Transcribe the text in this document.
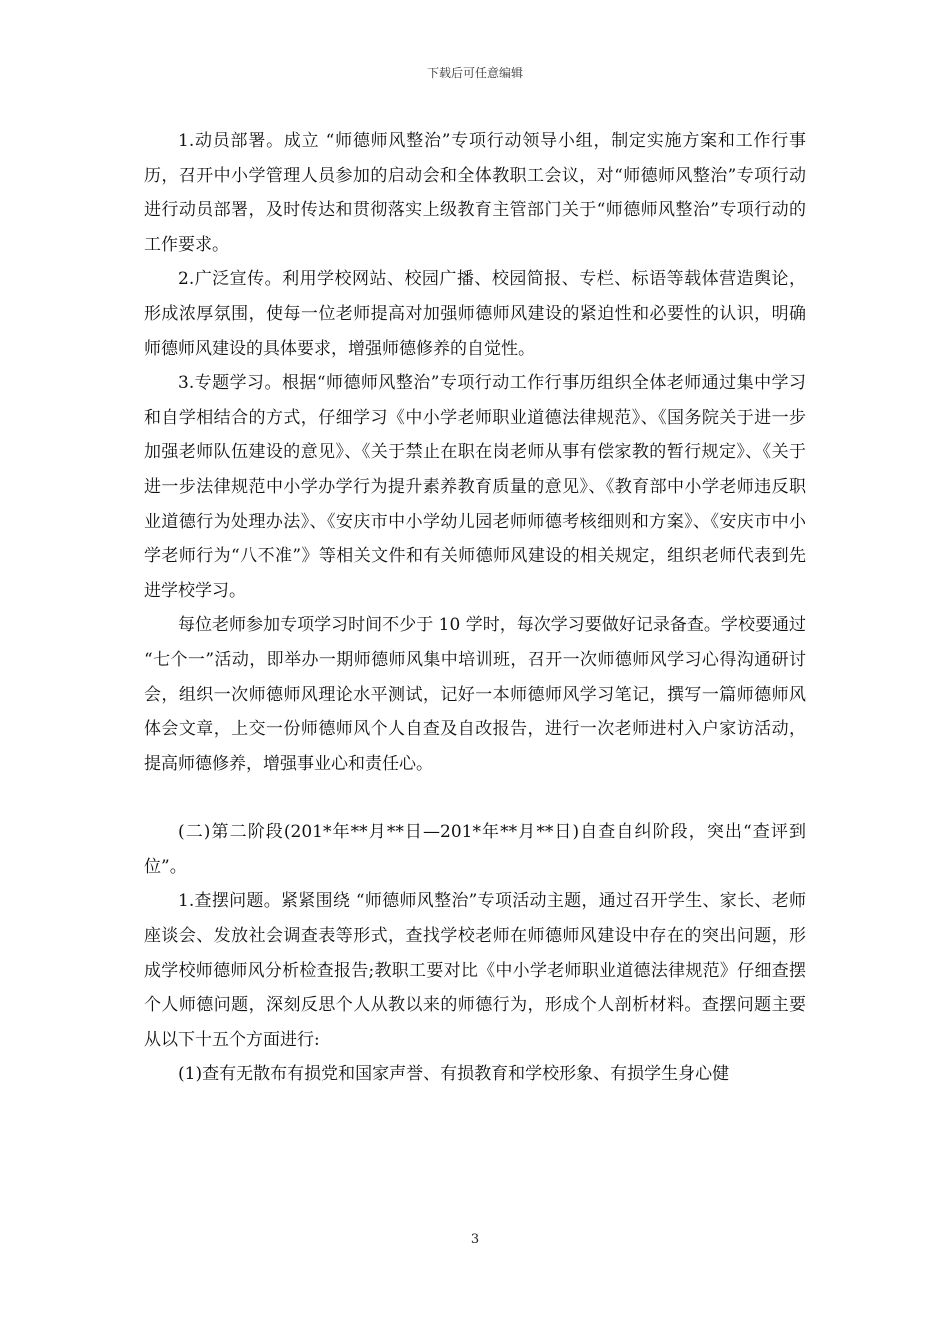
下载后可任意编辑

1.动员部署。成立 “师德师风整治”专项行动领导小组，制定实施方案和工作行事历，召开中小学管理人员参加的启动会和全体教职工会议，对“师德师风整治”专项行动进行动员部署，及时传达和贯彻落实上级教育主管部门关于“师德师风整治”专项行动的工作要求。

2.广泛宣传。利用学校网站、校园广播、校园简报、专栏、标语等载体营造舆论，形成浓厚氛围，使每一位老师提高对加强师德师风建设的紧迫性和必要性的认识，明确师德师风建设的具体要求，增强师德修养的自觉性。

3.专题学习。根据“师德师风整治”专项行动工作行事历组织全体老师通过集中学习和自学相结合的方式，仔细学习《中小学老师职业道德法律规范》、《国务院关于进一步加强老师队伍建设的意见》、《关于禁止在职在岗老师从事有偿家教的暂行规定》、《关于进一步法律规范中小学办学行为提升素养教育质量的意见》、《教育部中小学老师违反职业道德行为处理办法》、《安庆市中小学幼儿园老师师德考核细则和方案》、《安庆市中小学老师行为“八不准”》等相关文件和有关师德师风建设的相关规定，组织老师代表到先进学校学习。

每位老师参加专项学习时间不少于 10 学时，每次学习要做好记录备查。学校要通过 “七个一”活动，即举办一期师德师风集中培训班，召开一次师德师风学习心得沟通研讨会，组织一次师德师风理论水平测试，记好一本师德师风学习笔记，撰写一篇师德师风体会文章，上交一份师德师风个人自查及自改报告，进行一次老师进村入户家访活动，提高师德修养，增强事业心和责任心。

(二)第二阶段(201*年**月**日—201*年**月**日)自查自纠阶段，突出“查评到位”。

1.查摆问题。紧紧围绕 “师德师风整治”专项活动主题，通过召开学生、家长、老师座谈会、发放社会调查表等形式，查找学校老师在师德师风建设中存在的突出问题，形成学校师德师风分析检查报告;教职工要对比《中小学老师职业道德法律规范》仔细查摆个人师德问题，深刻反思个人从教以来的师德行为，形成个人剖析材料。查摆问题主要从以下十五个方面进行:

(1)查有无散布有损党和国家声誉、有损教育和学校形象、有损学生身心健

3
